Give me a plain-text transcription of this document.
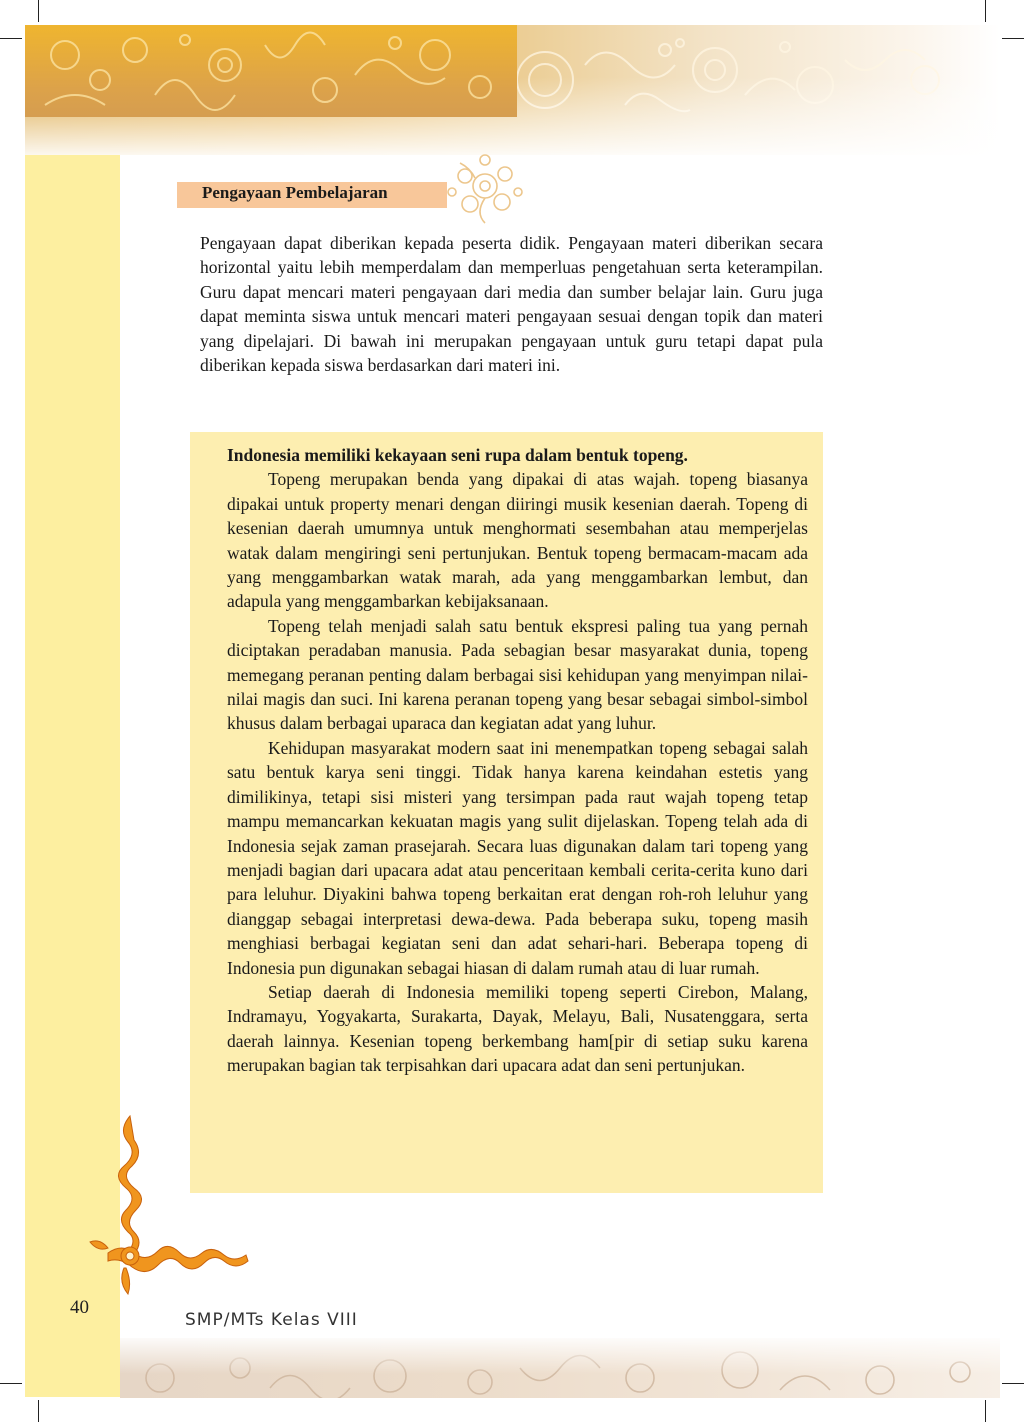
Pengayaan Pembelajaran

Pengayaan dapat diberikan kepada peserta didik. Pengayaan materi diberikan secara horizontal yaitu lebih memperdalam dan memperluas pengetahuan serta keterampilan. Guru dapat mencari materi pengayaan dari media dan sumber belajar lain. Guru juga dapat meminta siswa untuk mencari materi pengayaan sesuai dengan topik dan materi yang dipelajari. Di bawah ini merupakan pengayaan untuk guru tetapi dapat pula diberikan kepada siswa berdasarkan dari materi ini.

Indonesia memiliki kekayaan seni rupa dalam bentuk topeng.

Topeng merupakan benda yang dipakai di atas wajah. topeng biasanya dipakai untuk property menari dengan diiringi musik kesenian daerah. Topeng di kesenian daerah umumnya untuk menghormati sesembahan atau memperjelas watak dalam mengiringi seni pertunjukan. Bentuk topeng bermacam-macam ada yang menggambarkan watak marah, ada yang menggambarkan lembut, dan adapula yang menggambarkan kebijaksanaan.

Topeng telah menjadi salah satu bentuk ekspresi paling tua yang pernah diciptakan peradaban manusia. Pada sebagian besar masyarakat dunia, topeng memegang peranan penting dalam berbagai sisi kehidupan yang menyimpan nilai-nilai magis dan suci. Ini karena peranan topeng yang besar sebagai simbol-simbol khusus dalam berbagai uparaca dan kegiatan adat yang luhur.

Kehidupan masyarakat modern saat ini menempatkan topeng sebagai salah satu bentuk karya seni tinggi. Tidak hanya karena keindahan estetis yang dimilikinya, tetapi sisi misteri yang tersimpan pada raut wajah topeng tetap mampu memancarkan kekuatan magis yang sulit dijelaskan. Topeng telah ada di Indonesia sejak zaman prasejarah. Secara luas digunakan dalam tari topeng yang menjadi bagian dari upacara adat atau penceritaan kembali cerita-cerita kuno dari para leluhur. Diyakini bahwa topeng berkaitan erat dengan roh-roh leluhur yang dianggap sebagai interpretasi dewa-dewa. Pada beberapa suku, topeng masih menghiasi berbagai kegiatan seni dan adat sehari-hari. Beberapa topeng di Indonesia pun digunakan sebagai hiasan di dalam rumah atau di luar rumah.

Setiap daerah di Indonesia memiliki topeng seperti Cirebon, Malang, Indramayu, Yogyakarta, Surakarta, Dayak, Melayu, Bali, Nusatenggara, serta daerah lainnya. Kesenian topeng berkembang ham[pir di setiap suku karena merupakan bagian tak terpisahkan dari upacara adat dan seni pertunjukan.

40
SMP/MTs Kelas VIII
